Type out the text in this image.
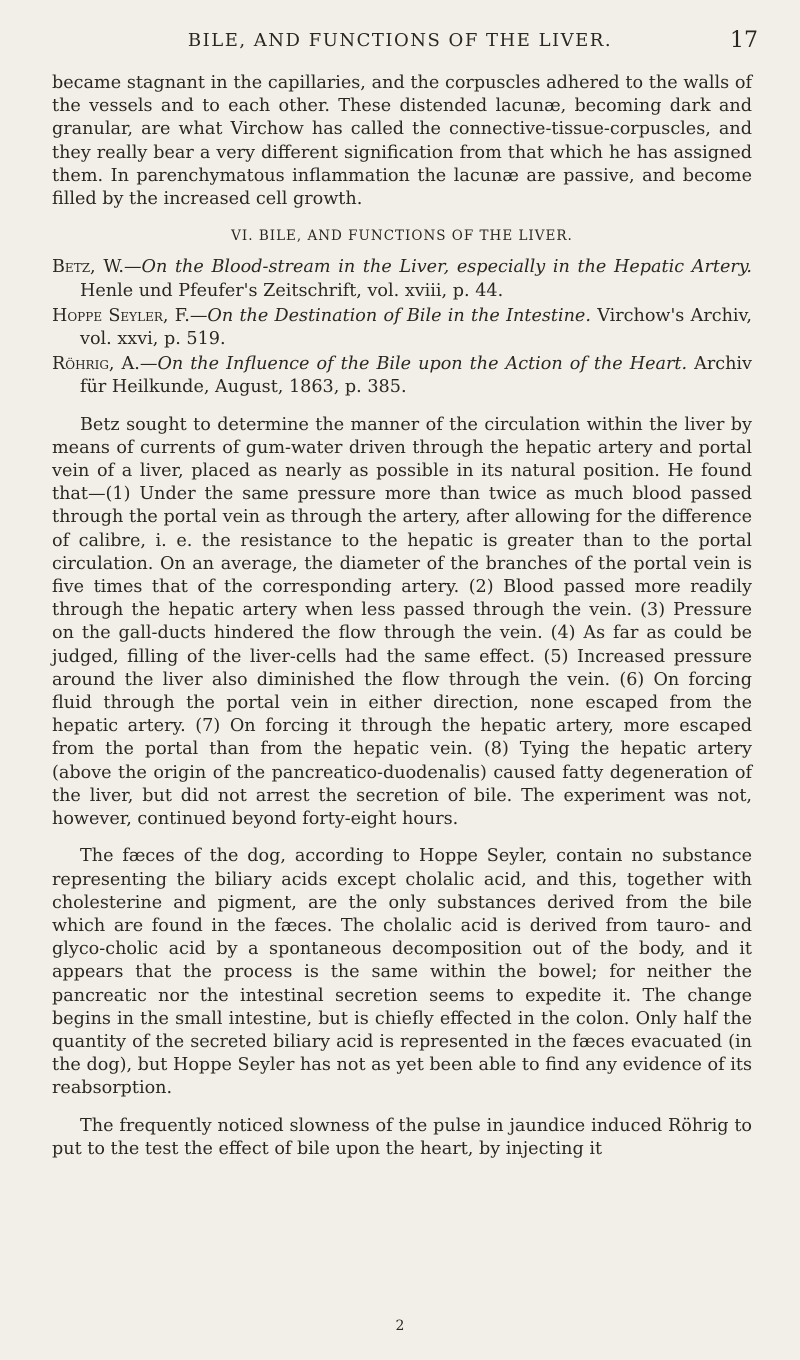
BILE, AND FUNCTIONS OF THE LIVER.	17

became stagnant in the capillaries, and the corpuscles adhered to the walls of the vessels and to each other. These distended lacunæ, becoming dark and granular, are what Virchow has called the connective-tissue-corpuscles, and they really bear a very different signification from that which he has assigned them. In parenchymatous inflammation the lacunæ are passive, and become filled by the increased cell growth.

VI. BILE, AND FUNCTIONS OF THE LIVER.

Betz, W.—On the Blood-stream in the Liver, especially in the Hepatic Artery. Henle und Pfeufer's Zeitschrift, vol. xviii, p. 44.

Hoppe Seyler, F.—On the Destination of Bile in the Intestine. Virchow's Archiv, vol. xxvi, p. 519.

Röhrig, A.—On the Influence of the Bile upon the Action of the Heart. Archiv für Heilkunde, August, 1863, p. 385.

Betz sought to determine the manner of the circulation within the liver by means of currents of gum-water driven through the hepatic artery and portal vein of a liver, placed as nearly as possible in its natural position. He found that—(1) Under the same pressure more than twice as much blood passed through the portal vein as through the artery, after allowing for the difference of calibre, i. e. the resistance to the hepatic is greater than to the portal circulation. On an average, the diameter of the branches of the portal vein is five times that of the corresponding artery. (2) Blood passed more readily through the hepatic artery when less passed through the vein. (3) Pressure on the gall-ducts hindered the flow through the vein. (4) As far as could be judged, filling of the liver-cells had the same effect. (5) Increased pressure around the liver also diminished the flow through the vein. (6) On forcing fluid through the portal vein in either direction, none escaped from the hepatic artery. (7) On forcing it through the hepatic artery, more escaped from the portal than from the hepatic vein. (8) Tying the hepatic artery (above the origin of the pancreatico-duodenalis) caused fatty degeneration of the liver, but did not arrest the secretion of bile. The experiment was not, however, continued beyond forty-eight hours.

The fæces of the dog, according to Hoppe Seyler, contain no substance representing the biliary acids except cholalic acid, and this, together with cholesterine and pigment, are the only substances derived from the bile which are found in the fæces. The cholalic acid is derived from tauro- and glyco-cholic acid by a spontaneous decomposition out of the body, and it appears that the process is the same within the bowel; for neither the pancreatic nor the intestinal secretion seems to expedite it. The change begins in the small intestine, but is chiefly effected in the colon. Only half the quantity of the secreted biliary acid is represented in the fæces evacuated (in the dog), but Hoppe Seyler has not as yet been able to find any evidence of its reabsorption.

The frequently noticed slowness of the pulse in jaundice induced Röhrig to put to the test the effect of bile upon the heart, by injecting it

2
